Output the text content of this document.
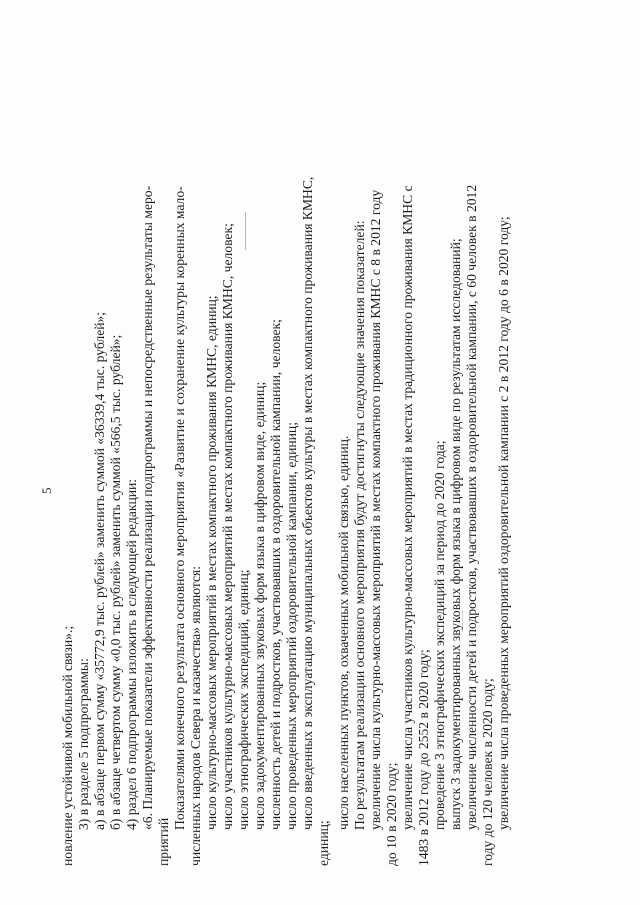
5
новление устойчивой мобильной связи».; 3) в разделе 5 подпрограммы: а) в абзаце первом сумму «35772,9 тыс. рублей» заменить суммой «36339,4 тыс. рублей»; б) в абзаце четвертом сумму «0,0 тыс. рублей» заменить суммой «566,5 тыс. рублей»; 4) раздел 6 подпрограммы изложить в следующей редакции: «6. Планируемые показатели эффективности реализации подпрограммы и непосредственные результаты меро-
приятий
Показателями конечного результата основного мероприятия «Развитие и сохранение культуры коренных мало- численных народов Севера и казачества» являются: число культурно-массовых мероприятий в местах компактного проживания КМНС, единиц; число участников культурно-массовых мероприятий в местах компактного проживания КМНС, человек; число этнографических экспедиций, единиц; число задокументированных звуковых форм языка в цифровом виде, единиц; численность детей и подростков, участвовавших в оздоровительной кампании, человек; число проведенных мероприятий оздоровительной кампании, единиц; число введенных в эксплуатацию муниципальных объектов культуры в местах компактного проживания КМНС,
единиц;
число населенных пунктов, охваченных мобильной связью, единиц. По результатам реализации основного мероприятия будут достигнуты следующие значения показателей: увеличение числа культурно-массовых мероприятий в местах компактного проживания КМНС с 8 в 2012 году до 10 в 2020 году; увеличение числа участников культурно-массовых мероприятий в местах традиционного проживания КМНС с 1483 в 2012 году до 2552 в 2020 году; проведение 3 этнографических экспедиций за период до 2020 года; выпуск 3 задокументированных звуковых форм языка в цифровом виде по результатам исследований; увеличение численности детей и подростков, участвовавших в оздоровительной кампании, с 60 человек в 2012 году до 120 человек в 2020 году; увеличение числа проведенных мероприятий оздоровительной кампании с 2 в 2012 году до 6 в 2020 году;
